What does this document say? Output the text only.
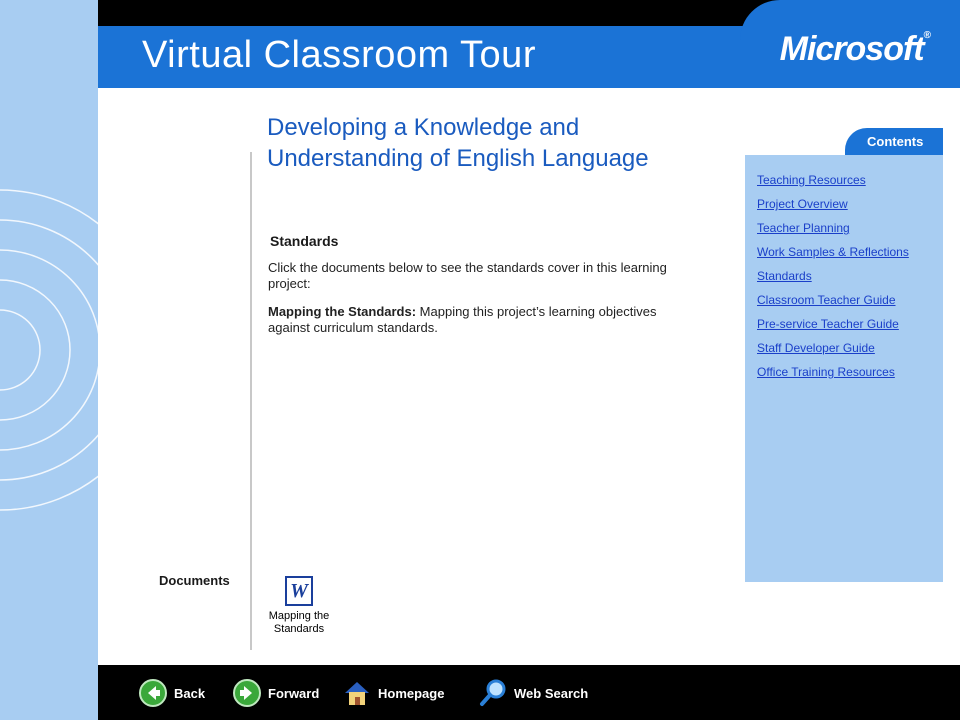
Virtual Classroom Tour	Microsoft®
Developing a Knowledge and Understanding of English Language
Standards
Click the documents below to see the standards cover in this learning project:
Mapping the Standards: Mapping this project’s learning objectives against curriculum standards.
Documents	W
Mapping the
Standards
Contents
Teaching Resources
Project Overview
Teacher Planning
Work Samples & Reflections
Standards
Classroom Teacher Guide
Pre-service Teacher Guide
Staff Developer Guide
Office Training Resources
Back	Forward	Homepage	Web Search
